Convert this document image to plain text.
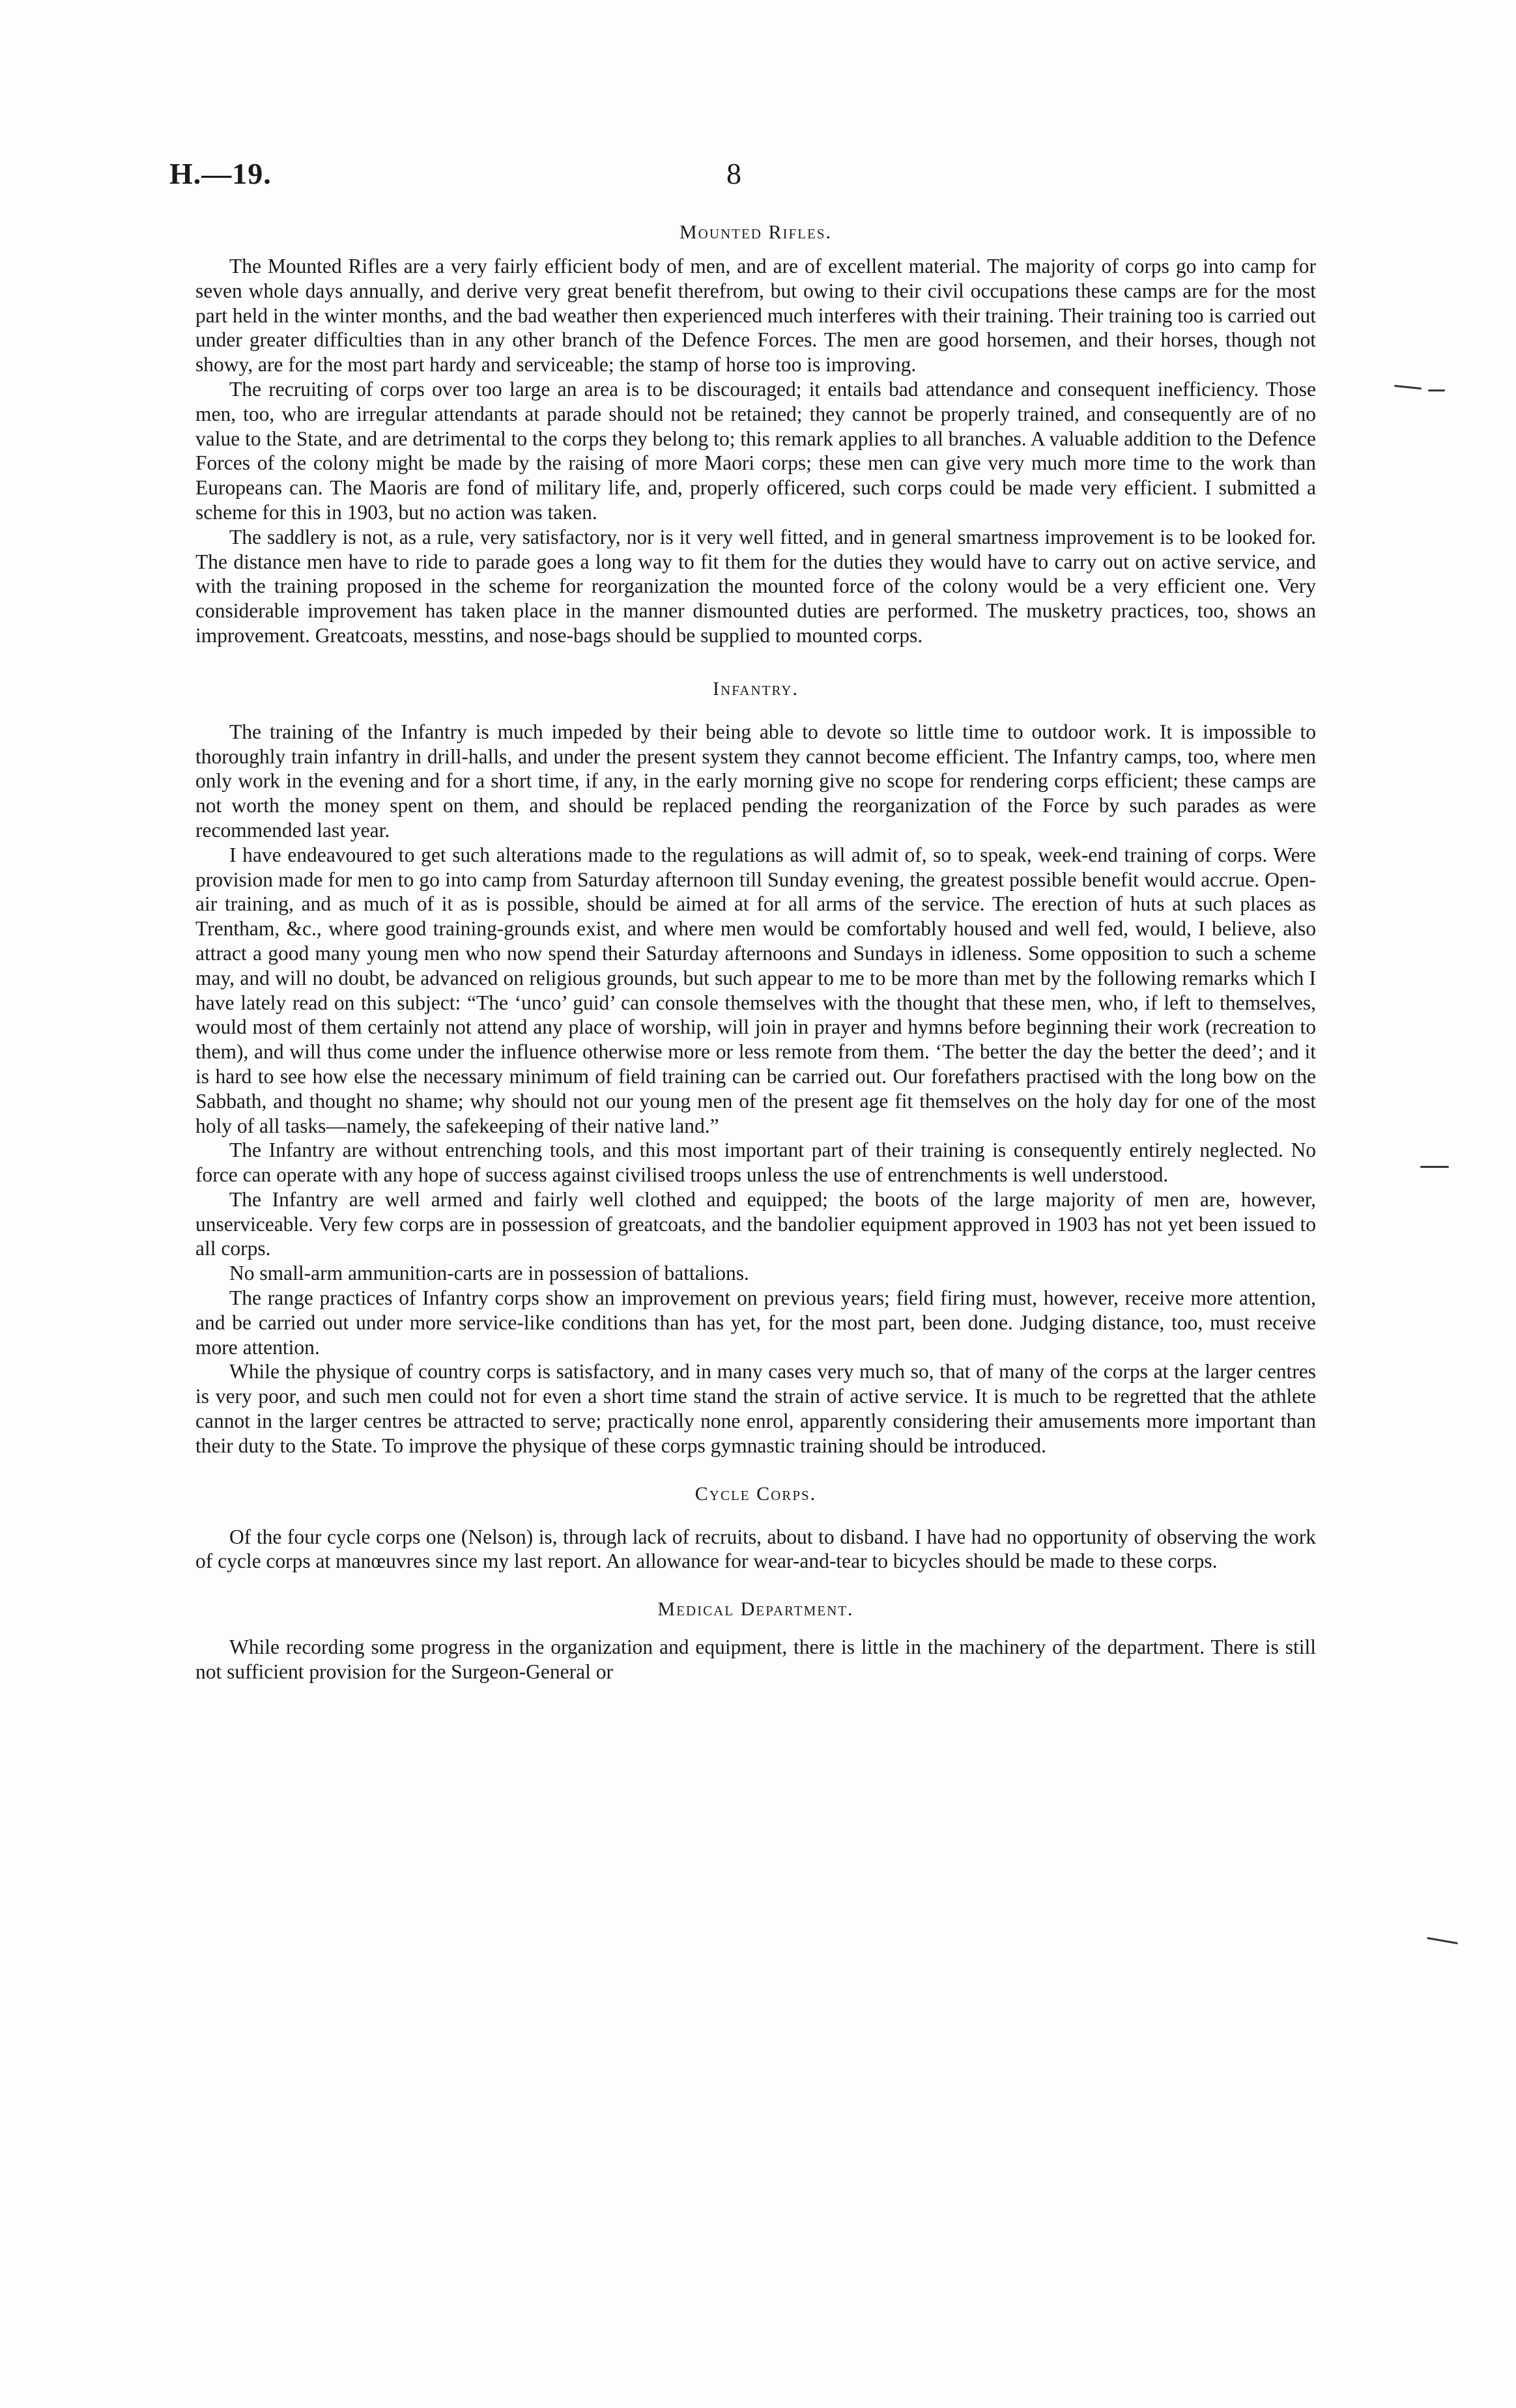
H.—19.	8
Mounted Rifles.

The Mounted Rifles are a very fairly efficient body of men, and are of excellent material. The majority of corps go into camp for seven whole days annually, and derive very great benefit therefrom, but owing to their civil occupations these camps are for the most part held in the winter months, and the bad weather then experienced much interferes with their training. Their training too is carried out under greater difficulties than in any other branch of the Defence Forces. The men are good horsemen, and their horses, though not showy, are for the most part hardy and serviceable; the stamp of horse too is improving.

The recruiting of corps over too large an area is to be discouraged; it entails bad attendance and consequent inefficiency. Those men, too, who are irregular attendants at parade should not be retained; they cannot be properly trained, and consequently are of no value to the State, and are detrimental to the corps they belong to; this remark applies to all branches. A valuable addition to the Defence Forces of the colony might be made by the raising of more Maori corps; these men can give very much more time to the work than Europeans can. The Maoris are fond of military life, and, properly officered, such corps could be made very efficient. I submitted a scheme for this in 1903, but no action was taken.

The saddlery is not, as a rule, very satisfactory, nor is it very well fitted, and in general smartness improvement is to be looked for. The distance men have to ride to parade goes a long way to fit them for the duties they would have to carry out on active service, and with the training proposed in the scheme for reorganization the mounted force of the colony would be a very efficient one. Very considerable improvement has taken place in the manner dismounted duties are performed. The musketry practices, too, shows an improvement. Greatcoats, messtins, and nose-bags should be supplied to mounted corps.

Infantry.

The training of the Infantry is much impeded by their being able to devote so little time to outdoor work. It is impossible to thoroughly train infantry in drill-halls, and under the present system they cannot become efficient. The Infantry camps, too, where men only work in the evening and for a short time, if any, in the early morning give no scope for rendering corps efficient; these camps are not worth the money spent on them, and should be replaced pending the reorganization of the Force by such parades as were recommended last year.

I have endeavoured to get such alterations made to the regulations as will admit of, so to speak, week-end training of corps. Were provision made for men to go into camp from Saturday afternoon till Sunday evening, the greatest possible benefit would accrue. Open-air training, and as much of it as is possible, should be aimed at for all arms of the service. The erection of huts at such places as Trentham, &c., where good training-grounds exist, and where men would be comfortably housed and well fed, would, I believe, also attract a good many young men who now spend their Saturday afternoons and Sundays in idleness. Some opposition to such a scheme may, and will no doubt, be advanced on religious grounds, but such appear to me to be more than met by the following remarks which I have lately read on this subject: “The ‘unco’ guid’ can console themselves with the thought that these men, who, if left to themselves, would most of them certainly not attend any place of worship, will join in prayer and hymns before beginning their work (recreation to them), and will thus come under the influence otherwise more or less remote from them. ‘The better the day the better the deed’; and it is hard to see how else the necessary minimum of field training can be carried out. Our forefathers practised with the long bow on the Sabbath, and thought no shame; why should not our young men of the present age fit themselves on the holy day for one of the most holy of all tasks—namely, the safekeeping of their native land.”

The Infantry are without entrenching tools, and this most important part of their training is consequently entirely neglected. No force can operate with any hope of success against civilised troops unless the use of entrenchments is well understood.

The Infantry are well armed and fairly well clothed and equipped; the boots of the large majority of men are, however, unserviceable. Very few corps are in possession of greatcoats, and the bandolier equipment approved in 1903 has not yet been issued to all corps.

No small-arm ammunition-carts are in possession of battalions.

The range practices of Infantry corps show an improvement on previous years; field firing must, however, receive more attention, and be carried out under more service-like conditions than has yet, for the most part, been done. Judging distance, too, must receive more attention.

While the physique of country corps is satisfactory, and in many cases very much so, that of many of the corps at the larger centres is very poor, and such men could not for even a short time stand the strain of active service. It is much to be regretted that the athlete cannot in the larger centres be attracted to serve; practically none enrol, apparently considering their amusements more important than their duty to the State. To improve the physique of these corps gymnastic training should be introduced.

Cycle Corps.

Of the four cycle corps one (Nelson) is, through lack of recruits, about to disband. I have had no opportunity of observing the work of cycle corps at manœuvres since my last report. An allowance for wear-and-tear to bicycles should be made to these corps.

Medical Department.

While recording some progress in the organization and equipment, there is little in the machinery of the department. There is still not sufficient provision for the Surgeon-General or
